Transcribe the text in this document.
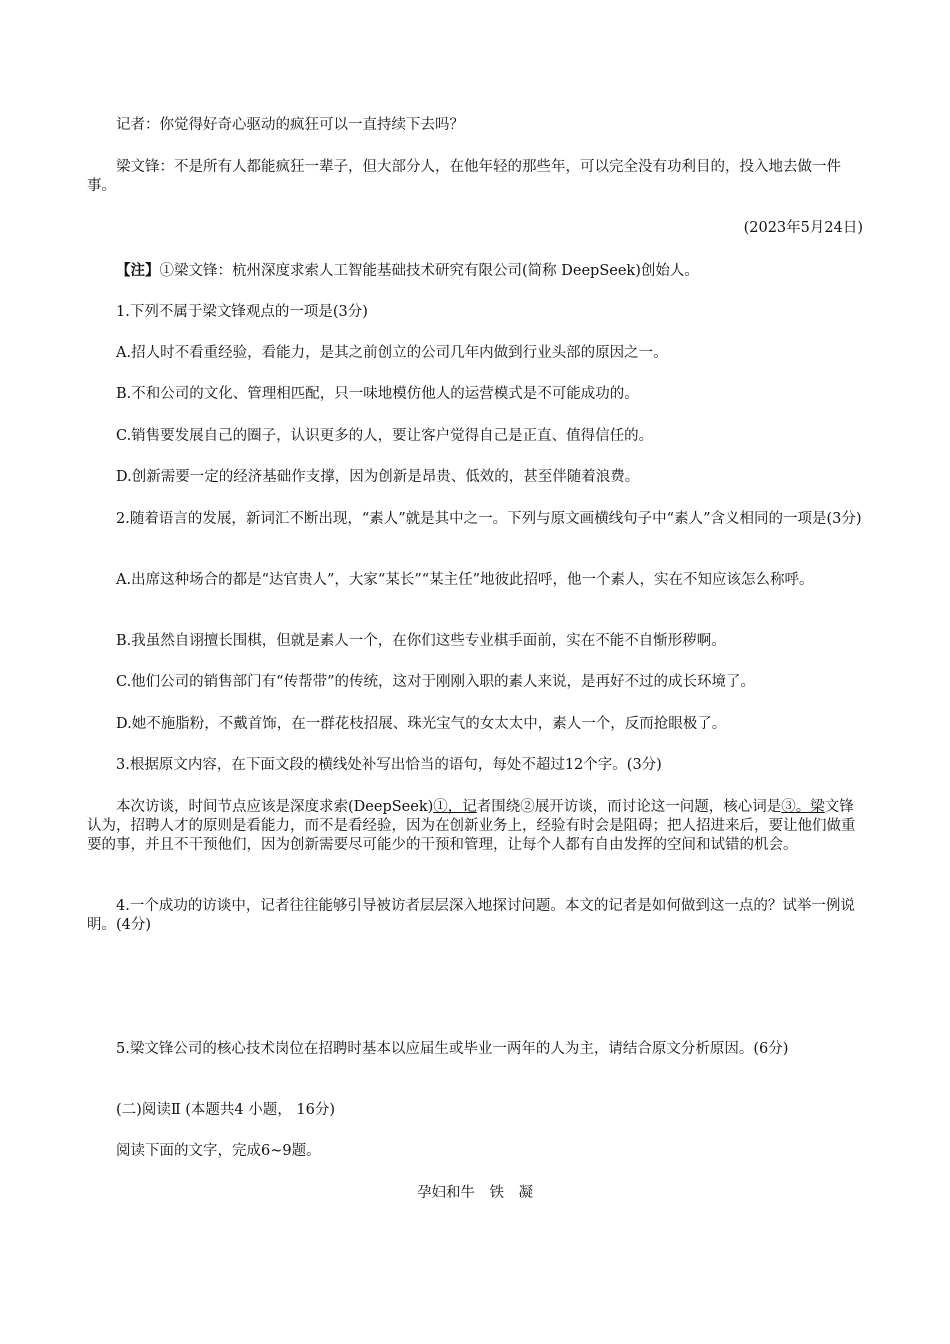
记者：你觉得好奇心驱动的疯狂可以一直持续下去吗？

梁文锋：不是所有人都能疯狂一辈子，但大部分人，在他年轻的那些年，可以完全没有功利目的，投入地去做一件事。

(2023年5月24日)

【注】①梁文锋：杭州深度求索人工智能基础技术研究有限公司(简称 DeepSeek)创始人。

1.下列不属于梁文锋观点的一项是(3分)

A.招人时不看重经验，看能力，是其之前创立的公司几年内做到行业头部的原因之一。

B.不和公司的文化、管理相匹配，只一味地模仿他人的运营模式是不可能成功的。

C.销售要发展自己的圈子，认识更多的人，要让客户觉得自己是正直、值得信任的。

D.创新需要一定的经济基础作支撑，因为创新是昂贵、低效的，甚至伴随着浪费。

2.随着语言的发展，新词汇不断出现，“素人”就是其中之一。下列与原文画横线句子中“素人”含义相同的一项是(3分)

A.出席这种场合的都是“达官贵人”，大家“某长”“某主任”地彼此招呼，他一个素人，实在不知应该怎么称呼。

B.我虽然自诩擅长围棋，但就是素人一个，在你们这些专业棋手面前，实在不能不自惭形秽啊。

C.他们公司的销售部门有“传帮带”的传统，这对于刚刚入职的素人来说，是再好不过的成长环境了。

D.她不施脂粉，不戴首饰，在一群花枝招展、珠光宝气的女太太中，素人一个，反而抢眼极了。

3.根据原文内容，在下面文段的横线处补写出恰当的语句，每处不超过12个字。(3分)

本次访谈，时间节点应该是深度求索(DeepSeek)①，记者围绕②展开访谈，而讨论这一问题，核心词是③。梁文锋认为，招聘人才的原则是看能力，而不是看经验，因为在创新业务上，经验有时会是阻碍；把人招进来后，要让他们做重要的事，并且不干预他们，因为创新需要尽可能少的干预和管理，让每个人都有自由发挥的空间和试错的机会。

4.一个成功的访谈中，记者往往能够引导被访者层层深入地探讨问题。本文的记者是如何做到这一点的？试举一例说明。(4分)

5.梁文锋公司的核心技术岗位在招聘时基本以应届生或毕业一两年的人为主，请结合原文分析原因。(6分)

(二)阅读Ⅱ (本题共4 小题， 16分)

阅读下面的文字，完成6~9题。

孕妇和牛　铁　凝
